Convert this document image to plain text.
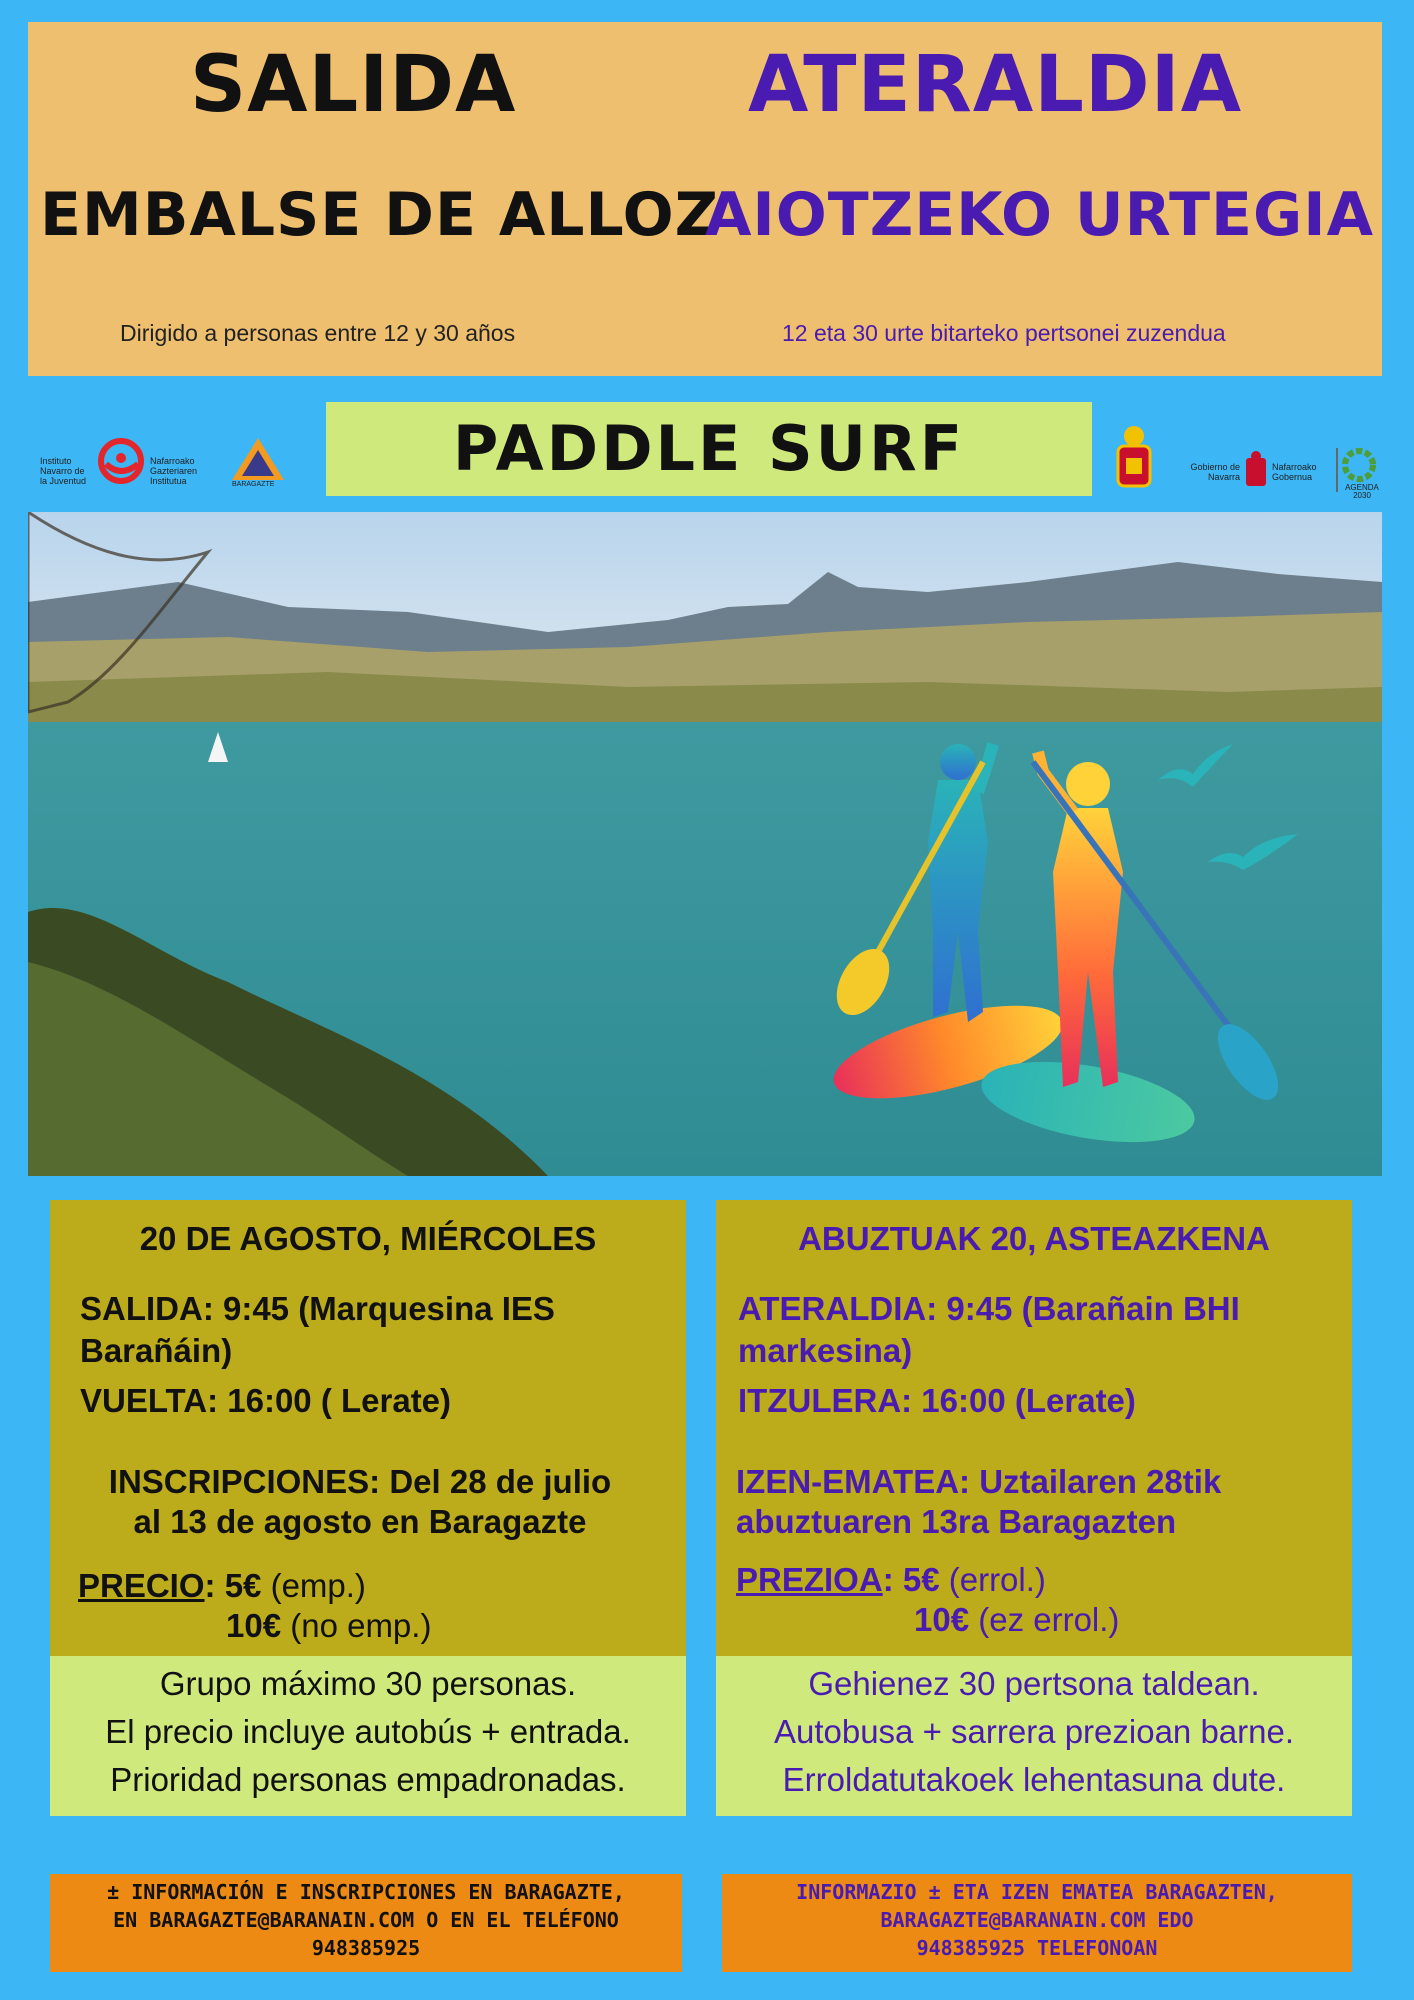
SALIDA	ATERALDIA
EMBALSE DE ALLOZ
AIOTZEKO URTEGIA
Dirigido a personas entre 12 y 30 años	12 eta 30 urte bitarteko pertsonei zuzendua
Instituto Navarro de la Juventud
Nafarroako Gazteriaren Institutua	BARAGAZTE	PADDLE SURF	Gobierno de Navarra
Nafarroako Gobernua
AGENDA 2030
20 DE AGOSTO, MIÉRCOLES
SALIDA: 9:45 (Marquesina IES
Barañáin)
VUELTA: 16:00 ( Lerate)
INSCRIPCIONES: Del 28 de julio
al 13 de agosto en Baragazte
PRECIO: 5€ (emp.)
10€ (no emp.)
Grupo máximo 30 personas.
El precio incluye autobús + entrada.
Prioridad personas empadronadas.
ABUZTUAK 20, ASTEAZKENA
ATERALDIA: 9:45 (Barañain BHI
markesina)
ITZULERA: 16:00 (Lerate)
IZEN-EMATEA: Uztailaren 28tik
abuztuaren 13ra Baragazten
PREZIOA: 5€ (errol.)
10€ (ez errol.)
Gehienez 30 pertsona taldean.
Autobusa + sarrera prezioan barne.
Erroldatutakoek lehentasuna dute.
± INFORMACIÓN E INSCRIPCIONES EN BARAGAZTE,
EN BARAGAZTE@BARANAIN.COM O EN EL TELÉFONO
948385925
INFORMAZIO ± ETA IZEN EMATEA BARAGAZTEN,
BARAGAZTE@BARANAIN.COM EDO
948385925 TELEFONOAN
